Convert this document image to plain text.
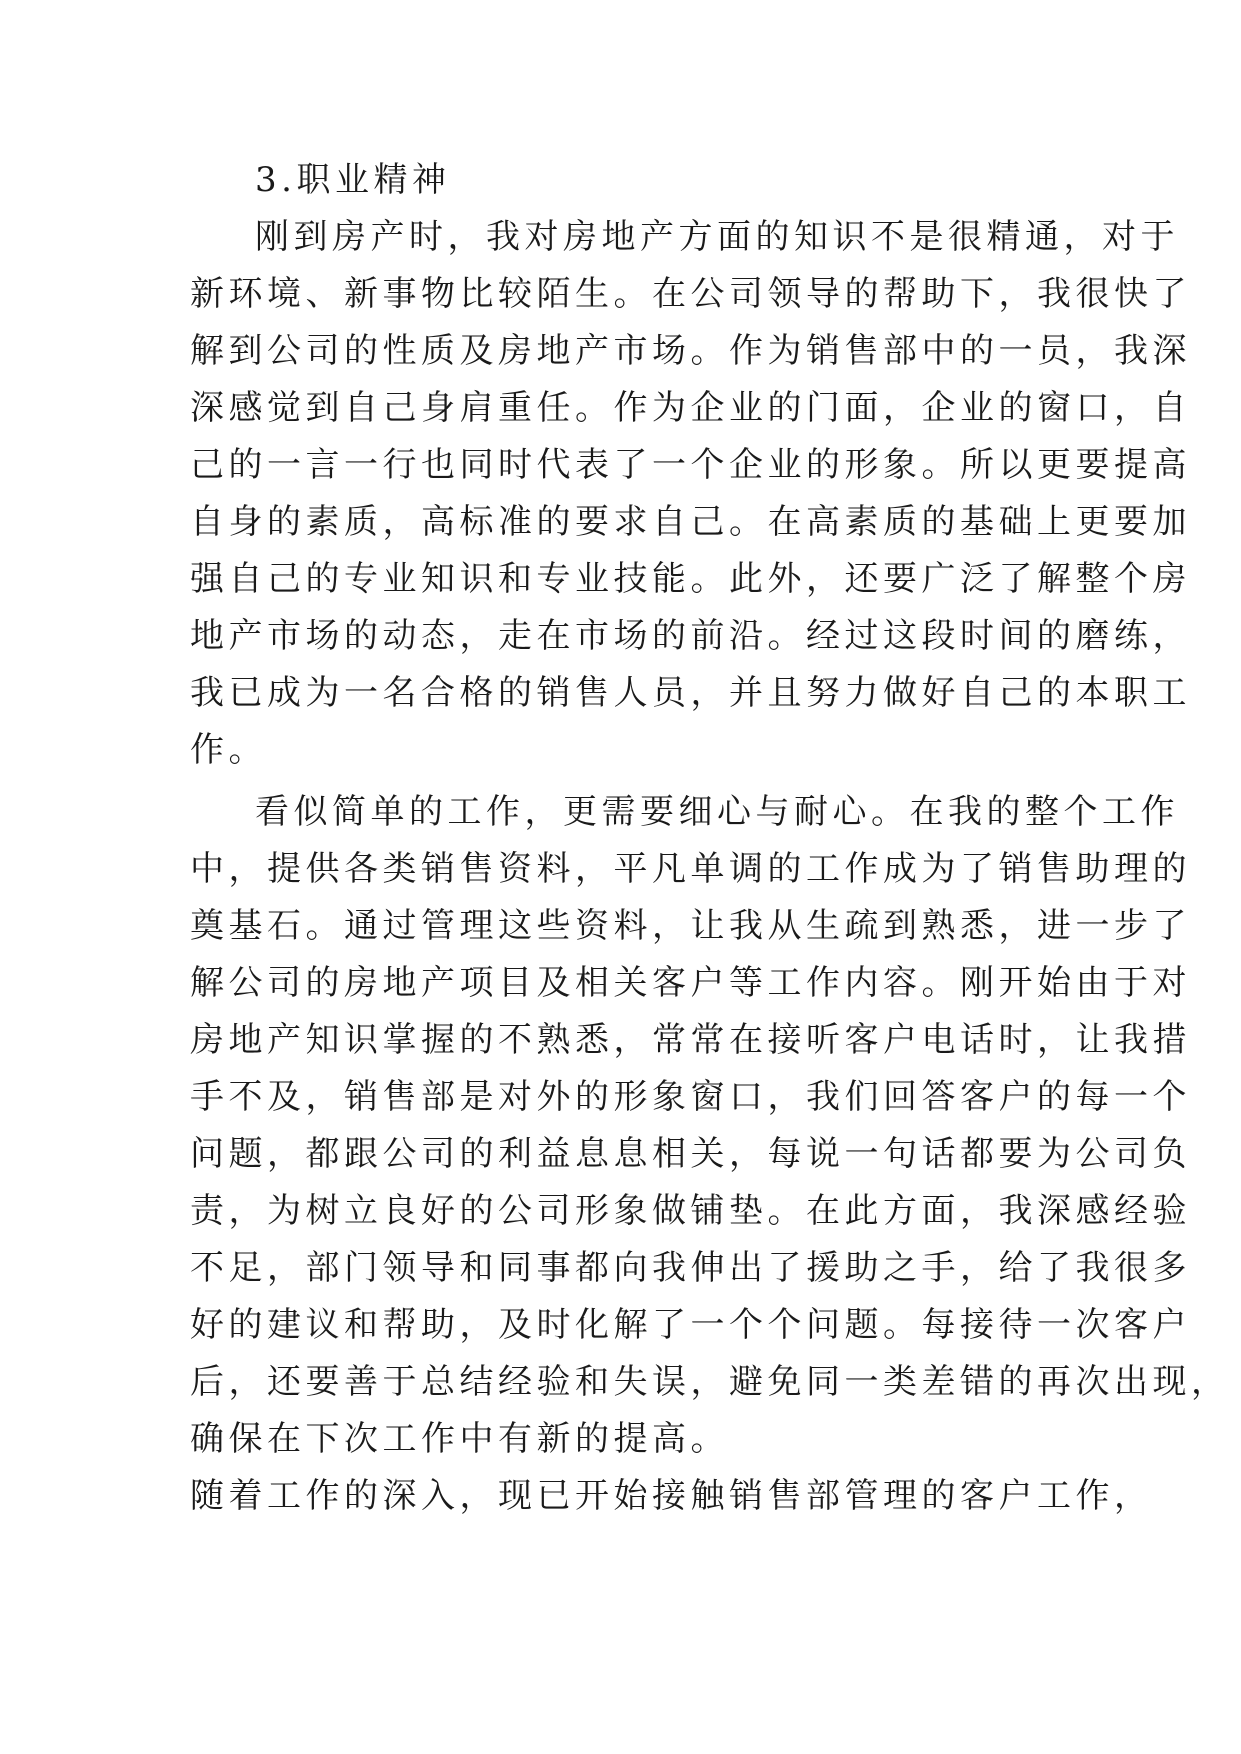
3.职业精神
刚到房产时，我对房地产方面的知识不是很精通，对于
新环境、新事物比较陌生。在公司领导的帮助下，我很快了
解到公司的性质及房地产市场。作为销售部中的一员，我深
深感觉到自己身肩重任。作为企业的门面，企业的窗口，自
己的一言一行也同时代表了一个企业的形象。所以更要提高
自身的素质，高标准的要求自己。在高素质的基础上更要加
强自己的专业知识和专业技能。此外，还要广泛了解整个房
地产市场的动态，走在市场的前沿。经过这段时间的磨练，
我已成为一名合格的销售人员，并且努力做好自己的本职工
作。
看似简单的工作，更需要细心与耐心。在我的整个工作
中，提供各类销售资料，平凡单调的工作成为了销售助理的
奠基石。通过管理这些资料，让我从生疏到熟悉，进一步了
解公司的房地产项目及相关客户等工作内容。刚开始由于对
房地产知识掌握的不熟悉，常常在接听客户电话时，让我措
手不及，销售部是对外的形象窗口，我们回答客户的每一个
问题，都跟公司的利益息息相关，每说一句话都要为公司负
责，为树立良好的公司形象做铺垫。在此方面，我深感经验
不足，部门领导和同事都向我伸出了援助之手，给了我很多
好的建议和帮助，及时化解了一个个问题。每接待一次客户
后，还要善于总结经验和失误，避免同一类差错的再次出现，
确保在下次工作中有新的提高。
随着工作的深入，现已开始接触销售部管理的客户工作，
